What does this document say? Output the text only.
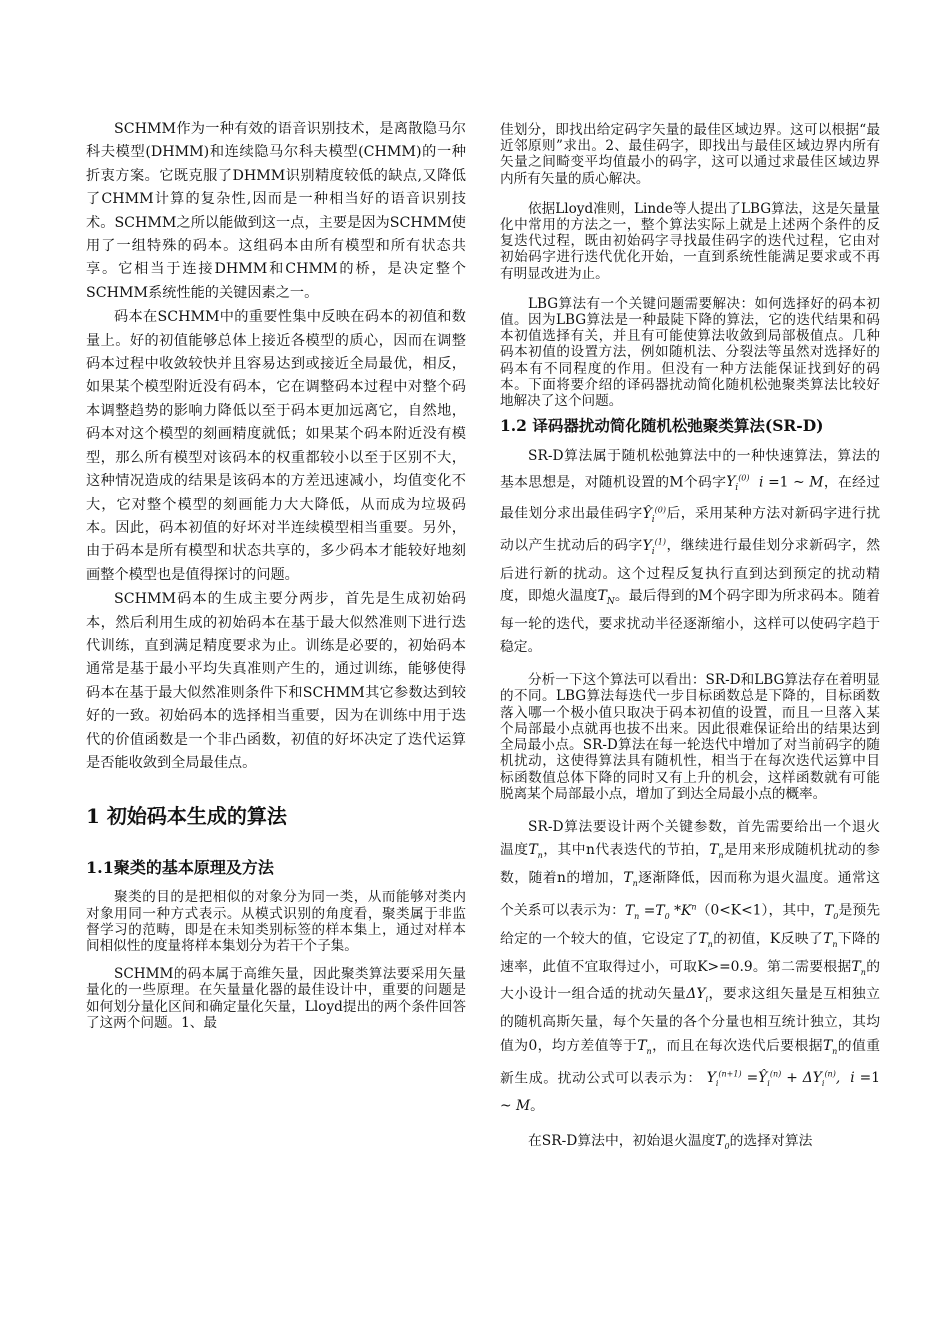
SCHMM作为一种有效的语音识别技术，是离散隐马尔科夫模型(DHMM)和连续隐马尔科夫模型(CHMM)的一种折衷方案。它既克服了DHMM识别精度较低的缺点,又降低了CHMM计算的复杂性,因而是一种相当好的语音识别技术。SCHMM之所以能做到这一点，主要是因为SCHMM使用了一组特殊的码本。这组码本由所有模型和所有状态共享。它相当于连接DHMM和CHMM的桥，是决定整个SCHMM系统性能的关键因素之一。

码本在SCHMM中的重要性集中反映在码本的初值和数量上。好的初值能够总体上接近各模型的质心，因而在调整码本过程中收敛较快并且容易达到或接近全局最优，相反，如果某个模型附近没有码本，它在调整码本过程中对整个码本调整趋势的影响力降低以至于码本更加远离它，自然地，码本对这个模型的刻画精度就低；如果某个码本附近没有模型，那么所有模型对该码本的权重都较小以至于区别不大，这种情况造成的结果是该码本的方差迅速减小，均值变化不大，它对整个模型的刻画能力大大降低，从而成为垃圾码本。因此，码本初值的好坏对半连续模型相当重要。另外，由于码本是所有模型和状态共享的，多少码本才能较好地刻画整个模型也是值得探讨的问题。

SCHMM码本的生成主要分两步，首先是生成初始码本，然后利用生成的初始码本在基于最大似然准则下进行迭代训练，直到满足精度要求为止。训练是必要的，初始码本通常是基于最小平均失真准则产生的，通过训练，能够使得码本在基于最大似然准则条件下和SCHMM其它参数达到较好的一致。初始码本的选择相当重要，因为在训练中用于迭代的价值函数是一个非凸函数，初值的好坏决定了迭代运算是否能收敛到全局最佳点。

1 初始码本生成的算法
1.1聚类的基本原理及方法

聚类的目的是把相似的对象分为同一类，从而能够对类内对象用同一种方式表示。从模式识别的角度看，聚类属于非监督学习的范畴，即是在未知类别标签的样本集上，通过对样本间相似性的度量将样本集划分为若干个子集。

SCHMM的码本属于高维矢量，因此聚类算法要采用矢量量化的一些原理。在矢量量化器的最佳设计中，重要的问题是如何划分量化区间和确定量化矢量，Lloyd提出的两个条件回答了这两个问题。1、最

佳划分，即找出给定码字矢量的最佳区域边界。这可以根据“最近邻原则”求出。2、最佳码字，即找出与最佳区域边界内所有矢量之间畸变平均值最小的码字，这可以通过求最佳区域边界内所有矢量的质心解决。

依据Lloyd准则，Linde等人提出了LBG算法，这是矢量量化中常用的方法之一，整个算法实际上就是上述两个条件的反复迭代过程，既由初始码字寻找最佳码字的迭代过程，它由对初始码字进行迭代优化开始，一直到系统性能满足要求或不再有明显改进为止。

LBG算法有一个关键问题需要解决：如何选择好的码本初值。因为LBG算法是一种最陡下降的算法，它的迭代结果和码本初值选择有关，并且有可能使算法收敛到局部极值点。几种码本初值的设置方法，例如随机法、分裂法等虽然对选择好的码本有不同程度的作用。但没有一种方法能保证找到好的码本。下面将要介绍的译码器扰动简化随机松弛聚类算法比较好地解决了这个问题。

1.2 译码器扰动简化随机松弛聚类算法(SR-D)

SR-D算法属于随机松弛算法中的一种快速算法，算法的基本思想是，对随机设置的M个码字$Y_i^{(0)}$ i =1 ~ M，在经过最佳划分求出最佳码字$Ŷ_i^{(0)}$后，采用某种方法对新码字进行扰动以产生扰动后的码字$Y_i^{(1)}$，继续进行最佳划分求新码字，然后进行新的扰动。这个过程反复执行直到达到预定的扰动精度，即熄火温度$T_N$。最后得到的M个码字即为所求码本。随着每一轮的迭代，要求扰动半径逐渐缩小，这样可以使码字趋于稳定。

分析一下这个算法可以看出：SR-D和LBG算法存在着明显的不同。LBG算法每迭代一步目标函数总是下降的，目标函数落入哪一个极小值只取决于码本初值的设置，而且一旦落入某个局部最小点就再也拔不出来。因此很难保证给出的结果达到全局最小点。SR-D算法在每一轮迭代中增加了对当前码字的随机扰动，这使得算法具有随机性，相当于在每次迭代运算中目标函数值总体下降的同时又有上升的机会，这样函数就有可能脱离某个局部最小点，增加了到达全局最小点的概率。

SR-D算法要设计两个关键参数，首先需要给出一个退火温度$T_n$，其中n代表迭代的节拍，$T_n$是用来形成随机扰动的参数，随着n的增加，$T_n$逐渐降低，因而称为退火温度。通常这个关系可以表示为：$T_n =T_0$ $*K^n(0<K<1)$，其中，$T_0$是预先给定的一个较大的值，它设定了$T_n$的初值，K反映了$T_n$下降的速率，此值不宜取得过小，可取K>=0.9。第二需要根据$T_n$的大小设计一组合适的扰动矢量$\Delta Y_i$，要求这组矢量是互相独立的随机高斯矢量，每个矢量的各个分量也相互统计独立，其均值为0，均方差值等于$T_n$，而且在每次迭代后要根据$T_n$的值重新生成。扰动公式可以表示为： $Y_i^{(n+1)}$ $=Ŷ_i^{(n)} + \Delta Y_i^{(n)}$,  i =1 ~ M。

在SR-D算法中，初始退火温度$T_0$的选择对算法
